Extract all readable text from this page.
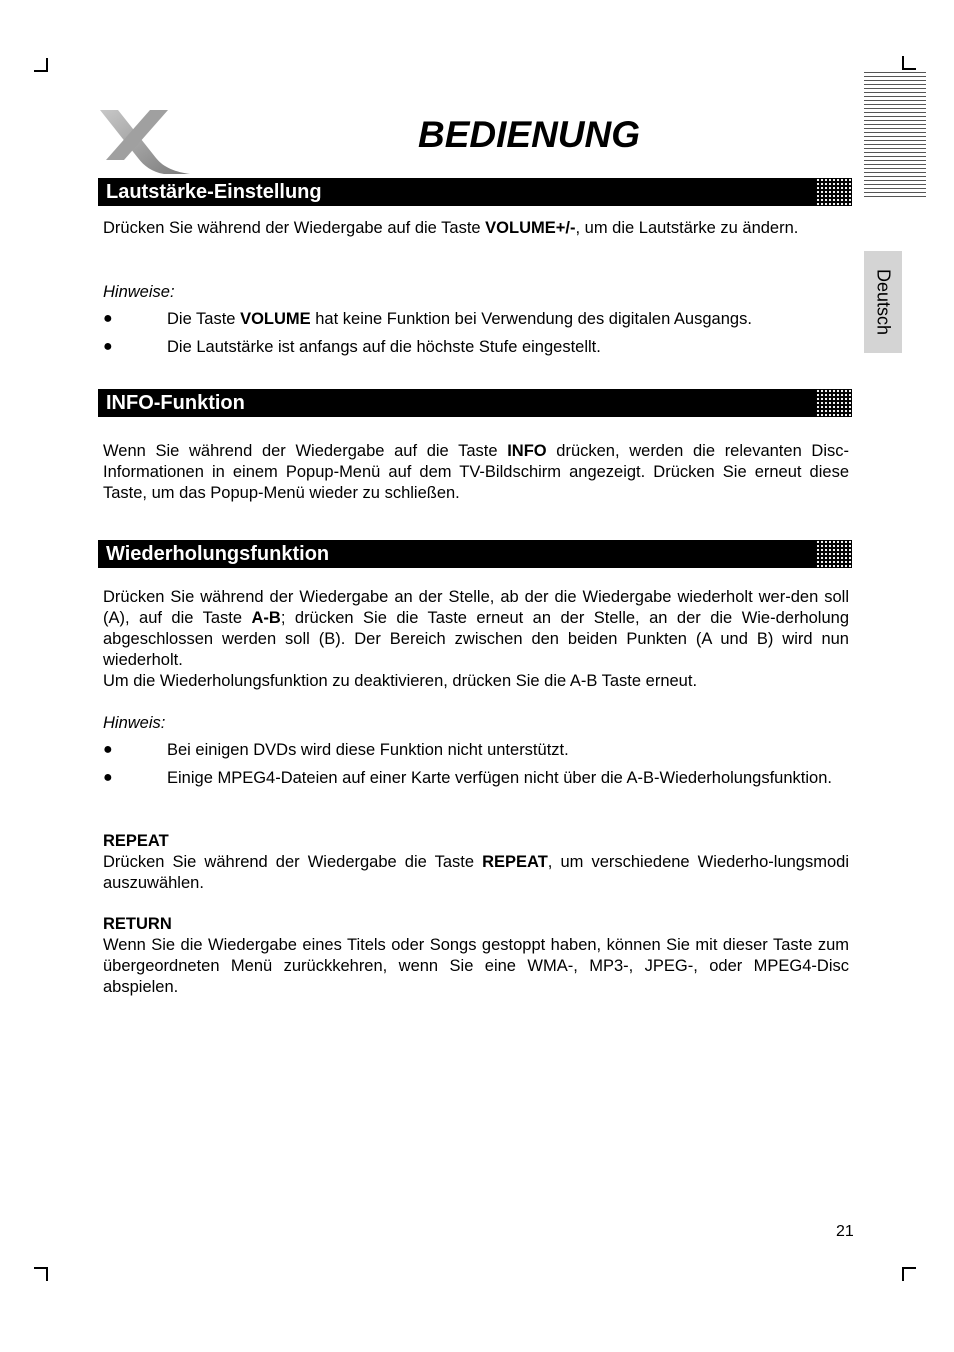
Deutsch
BEDIENUNG
Lautstärke-Einstellung

Drücken Sie während der Wiedergabe auf die Taste VOLUME+/-, um die Lautstärke zu ändern.

Hinweise:

●	Die Taste VOLUME hat keine Funktion bei Verwendung des digitalen Ausgangs.
●	Die Lautstärke ist anfangs auf die höchste Stufe eingestellt.
INFO-Funktion

Wenn Sie während der Wiedergabe auf die Taste INFO drücken, werden die relevanten Disc-Informationen in einem Popup-Menü auf dem TV-Bildschirm angezeigt. Drücken Sie erneut diese Taste, um das Popup-Menü wieder zu schließen.

Wiederholungsfunktion

Drücken Sie während der Wiedergabe an der Stelle, ab der die Wiedergabe wiederholt wer-den soll (A), auf die Taste A-B; drücken Sie die Taste erneut an der Stelle, an der die Wie-derholung abgeschlossen werden soll (B). Der Bereich zwischen den beiden Punkten (A und B) wird nun wiederholt.

Um die Wiederholungsfunktion zu deaktivieren, drücken Sie die A-B Taste erneut.

Hinweis:

●	Bei einigen DVDs wird diese Funktion nicht unterstützt.
●	Einige MPEG4-Dateien auf einer Karte verfügen nicht über die A-B-Wiederholungsfunktion.

REPEAT

Drücken Sie während der Wiedergabe die Taste REPEAT, um verschiedene Wiederho-lungsmodi auszuwählen.

RETURN

Wenn Sie die Wiedergabe eines Titels oder Songs gestoppt haben, können Sie mit dieser Taste zum übergeordneten Menü zurückkehren, wenn Sie eine WMA-, MP3-, JPEG-, oder MPEG4-Disc abspielen.

21
